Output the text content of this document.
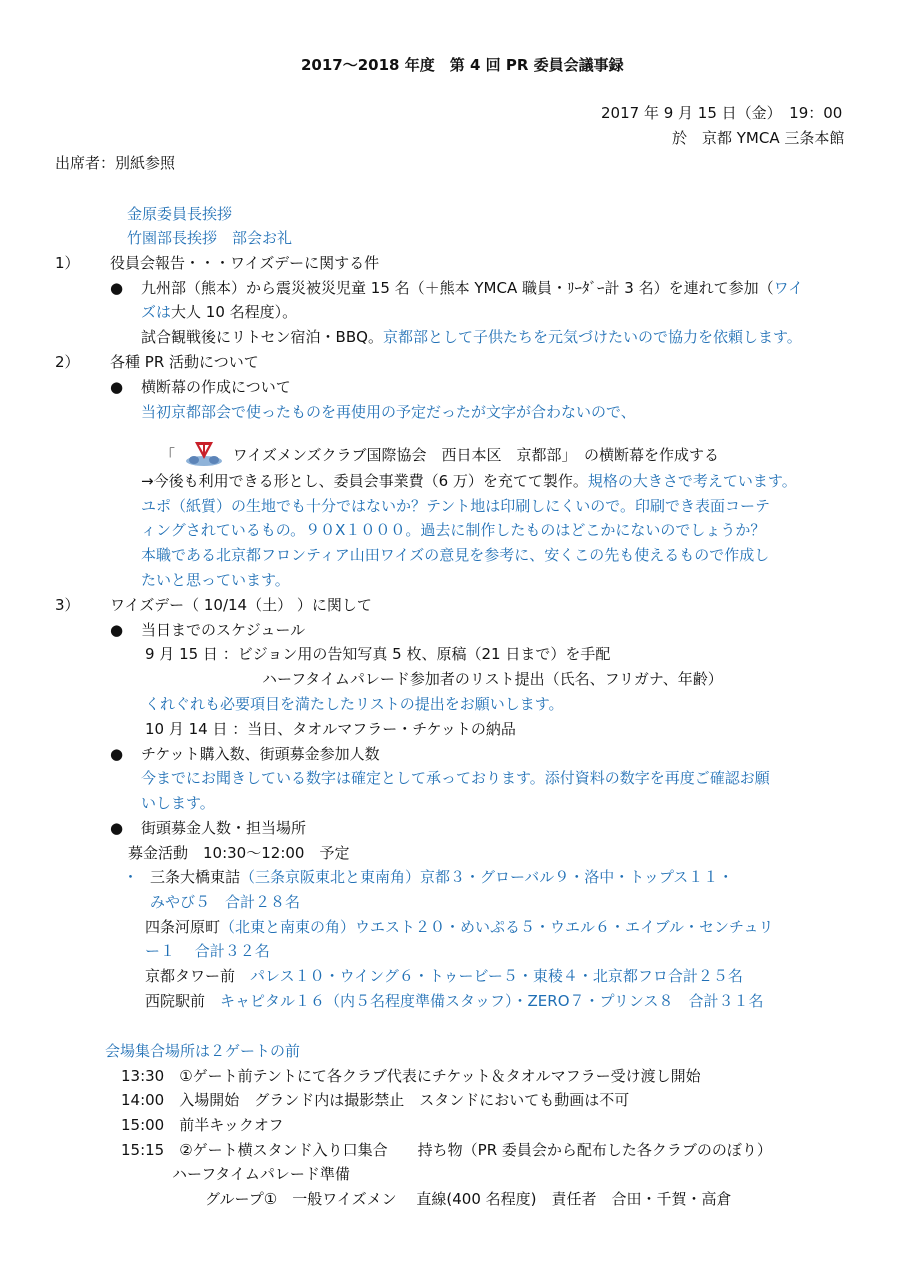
2017～2018 年度　第 4 回 PR 委員会議事録
2017 年 9 月 15 日（金）　19：00
於　京都 YMCA 三条本館
出席者：別紙参照
金原委員長挨拶
竹園部長挨拶　部会お礼
1） 役員会報告・・・ワイズデーに関する件
● 九州部（熊本）から震災被災児童 15 名（＋熊本 YMCA 職員・ﾘｰﾀﾞｰ計 3 名）を連れて参加（ワイ
ズは大人 10 名程度）。
試合観戦後にリトセン宿泊・BBQ。京都部として子供たちを元気づけたいので協力を依頼します。
2） 各種 PR 活動について
● 横断幕の作成について
当初京都部会で使ったものを再使用の予定だったが文字が合わないので、
「	ワイズメンズクラブ国際協会　西日本区　京都部」　の横断幕を作成する
→今後も利用できる形とし、委員会事業費（6 万）を充てて製作。規格の大きさで考えています。
ユポ（紙質）の生地でも十分ではないか？テント地は印刷しにくいので。印刷でき表面コーテ
ィングされているもの。９０X１０００。過去に制作したものはどこかにないのでしょうか？
本職である北京都フロンティア山田ワイズの意見を参考に、安くこの先も使えるもので作成し
たいと思っています。
3） ワイズデー（ 10/14（土） ）に関して
● 当日までのスケジュール
9 月 15 日 ：ビジョン用の告知写真 5 枚、原稿（21 日まで）を手配
ハーフタイムパレード参加者のリスト提出（氏名、フリガナ、年齢）
くれぐれも必要項目を満たしたリストの提出をお願いします。
10 月 14 日 ：当日、タオルマフラー・チケットの納品
● チケット購入数、街頭募金参加人数
今までにお聞きしている数字は確定として承っております。添付資料の数字を再度ご確認お願
いします。
● 街頭募金人数・担当場所
募金活動　10:30～12:00　予定
・ 三条大橋東詰（三条京阪東北と東南角）京都３・グローバル９・洛中・トップス１１・
みやび５　合計２８名
四条河原町（北東と南東の角）ウエスト２０・めいぷる５・ウエル６・エイブル・センチュリ
ー１　 合計３２名
京都タワー前　パレス１０・ウイング６・トゥービー５・東稜４・北京都フロ合計２５名
西院駅前　キャピタル１６（内５名程度準備スタッフ）・ZERO７・プリンス８　合計３１名
会場集合場所は２ゲートの前
13:30　①ゲート前テントにて各クラブ代表にチケット＆タオルマフラー受け渡し開始
14:00　入場開始　グランド内は撮影禁止　スタンドにおいても動画は不可
15:00　前半キックオフ
15:15　②ゲート横スタンド入り口集合　　持ち物（PR 委員会から配布した各クラブののぼり）
ハーフタイムパレード準備
グループ①　一般ワイズメン　 直線(400 名程度)　責任者　合田・千賀・高倉
